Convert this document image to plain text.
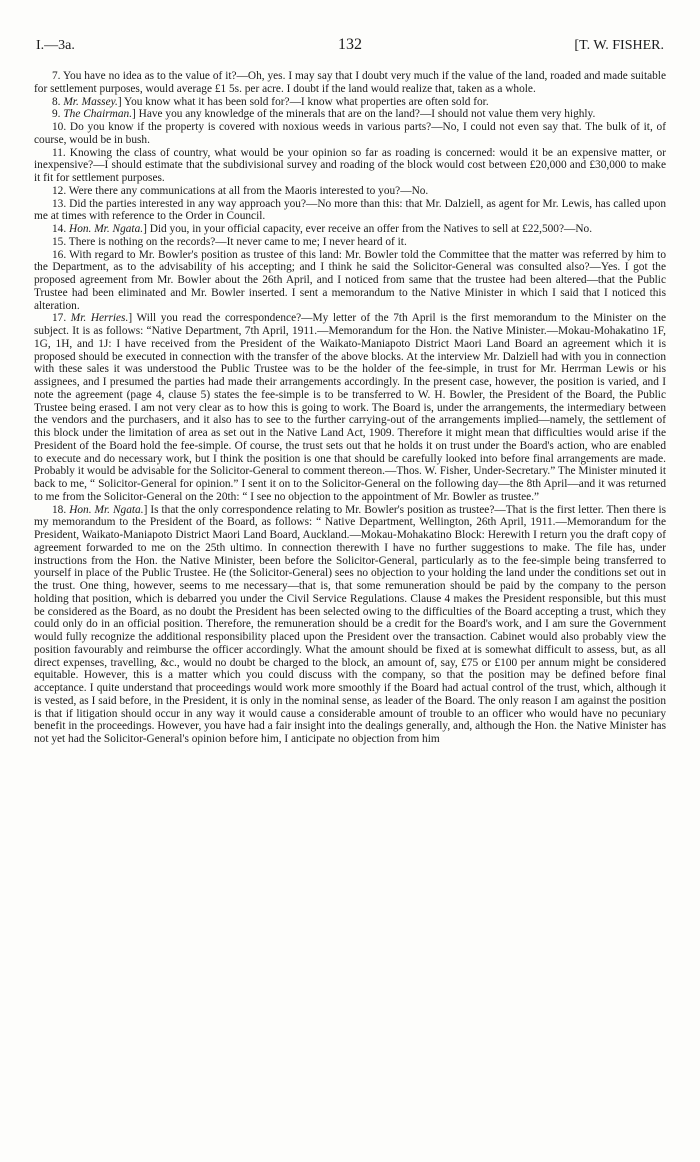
I.—3a.	132	[T. W. FISHER.

7. You have no idea as to the value of it?—Oh, yes. I may say that I doubt very much if the value of the land, roaded and made suitable for settlement purposes, would average £1 5s. per acre. I doubt if the land would realize that, taken as a whole.

8. Mr. Massey.] You know what it has been sold for?—I know what properties are often sold for.

9. The Chairman.] Have you any knowledge of the minerals that are on the land?—I should not value them very highly.

10. Do you know if the property is covered with noxious weeds in various parts?—No, I could not even say that. The bulk of it, of course, would be in bush.

11. Knowing the class of country, what would be your opinion so far as roading is concerned: would it be an expensive matter, or inexpensive?—I should estimate that the subdivisional survey and roading of the block would cost between £20,000 and £30,000 to make it fit for settlement purposes.

12. Were there any communications at all from the Maoris interested to you?—No.

13. Did the parties interested in any way approach you?—No more than this: that Mr. Dalziell, as agent for Mr. Lewis, has called upon me at times with reference to the Order in Council.

14. Hon. Mr. Ngata.] Did you, in your official capacity, ever receive an offer from the Natives to sell at £22,500?—No.

15. There is nothing on the records?—It never came to me; I never heard of it.

16. With regard to Mr. Bowler's position as trustee of this land: Mr. Bowler told the Committee that the matter was referred by him to the Department, as to the advisability of his accepting; and I think he said the Solicitor-General was consulted also?—Yes. I got the proposed agreement from Mr. Bowler about the 26th April, and I noticed from same that the trustee had been altered—that the Public Trustee had been eliminated and Mr. Bowler inserted. I sent a memorandum to the Native Minister in which I said that I noticed this alteration.

17. Mr. Herries.] Will you read the correspondence?—My letter of the 7th April is the first memorandum to the Minister on the subject. It is as follows: “Native Department, 7th April, 1911.—Memorandum for the Hon. the Native Minister.—Mokau-Mohakatino 1F, 1G, 1H, and 1J: I have received from the President of the Waikato-Maniapoto District Maori Land Board an agreement which it is proposed should be executed in connection with the transfer of the above blocks. At the interview Mr. Dalziell had with you in connection with these sales it was understood the Public Trustee was to be the holder of the fee-simple, in trust for Mr. Herrman Lewis or his assignees, and I presumed the parties had made their arrangements accordingly. In the present case, however, the position is varied, and I note the agreement (page 4, clause 5) states the fee-simple is to be transferred to W. H. Bowler, the President of the Board, the Public Trustee being erased. I am not very clear as to how this is going to work. The Board is, under the arrangements, the intermediary between the vendors and the purchasers, and it also has to see to the further carrying-out of the arrangements implied—namely, the settlement of this block under the limitation of area as set out in the Native Land Act, 1909. Therefore it might mean that difficulties would arise if the President of the Board hold the fee-simple. Of course, the trust sets out that he holds it on trust under the Board's action, who are enabled to execute and do necessary work, but I think the position is one that should be carefully looked into before final arrangements are made. Probably it would be advisable for the Solicitor-General to comment thereon.—Thos. W. Fisher, Under-Secretary.” The Minister minuted it back to me, “ Solicitor-General for opinion.” I sent it on to the Solicitor-General on the following day—the 8th April—and it was returned to me from the Solicitor-General on the 20th: “ I see no objection to the appointment of Mr. Bowler as trustee.”

18. Hon. Mr. Ngata.] Is that the only correspondence relating to Mr. Bowler's position as trustee?—That is the first letter. Then there is my memorandum to the President of the Board, as follows: “ Native Department, Wellington, 26th April, 1911.—Memorandum for the President, Waikato-Maniapoto District Maori Land Board, Auckland.—Mokau-Mohakatino Block: Herewith I return you the draft copy of agreement forwarded to me on the 25th ultimo. In connection therewith I have no further suggestions to make. The file has, under instructions from the Hon. the Native Minister, been before the Solicitor-General, particularly as to the fee-simple being transferred to yourself in place of the Public Trustee. He (the Solicitor-General) sees no objection to your holding the land under the conditions set out in the trust. One thing, however, seems to me necessary—that is, that some remuneration should be paid by the company to the person holding that position, which is debarred you under the Civil Service Regulations. Clause 4 makes the President responsible, but this must be considered as the Board, as no doubt the President has been selected owing to the difficulties of the Board accepting a trust, which they could only do in an official position. Therefore, the remuneration should be a credit for the Board's work, and I am sure the Government would fully recognize the additional responsibility placed upon the President over the transaction. Cabinet would also probably view the position favourably and reimburse the officer accordingly. What the amount should be fixed at is somewhat difficult to assess, but, as all direct expenses, travelling, &c., would no doubt be charged to the block, an amount of, say, £75 or £100 per annum might be considered equitable. However, this is a matter which you could discuss with the company, so that the position may be defined before final acceptance. I quite understand that proceedings would work more smoothly if the Board had actual control of the trust, which, although it is vested, as I said before, in the President, it is only in the nominal sense, as leader of the Board. The only reason I am against the position is that if litigation should occur in any way it would cause a considerable amount of trouble to an officer who would have no pecuniary benefit in the proceedings. However, you have had a fair insight into the dealings generally, and, although the Hon. the Native Minister has not yet had the Solicitor-General's opinion before him, I anticipate no objection from him
